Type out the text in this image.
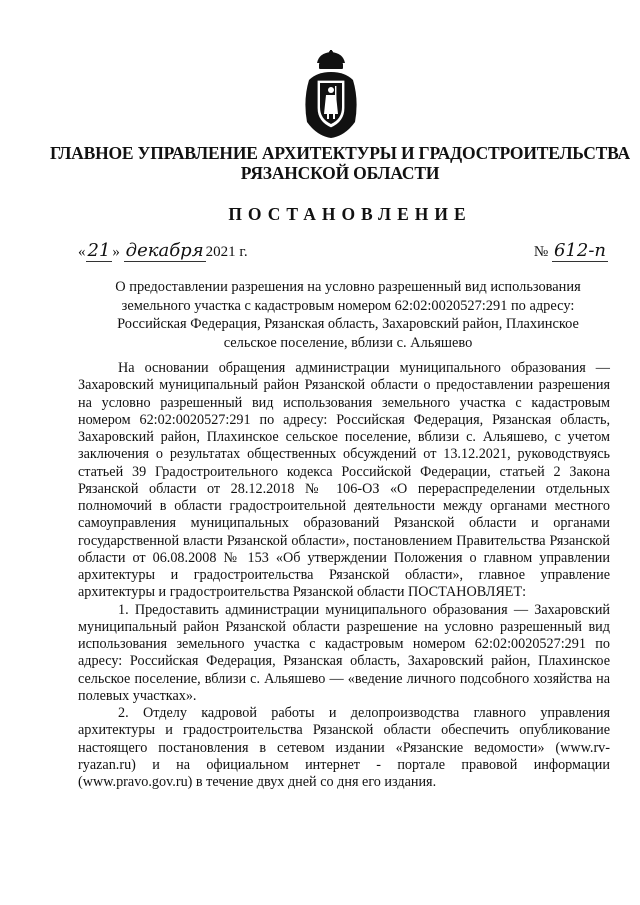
ГЛАВНОЕ УПРАВЛЕНИЕ АРХИТЕКТУРЫ И ГРАДОСТРОИТЕЛЬСТВА
РЯЗАНСКОЙ ОБЛАСТИ
ПОСТАНОВЛЕНИЕ
« 21 » декабря 2021 г.	№ 612-п
О предоставлении разрешения на условно разрешенный вид использования
земельного участка с кадастровым номером 62:02:0020527:291 по адресу:
Российская Федерация, Рязанская область, Захаровский район, Плахинское
сельское поселение, вблизи с. Альяшево

На основании обращения администрации муниципального образования — Захаровский муниципальный район Рязанской области о предоставлении разрешения на условно разрешенный вид использования земельного участка с кадастровым номером 62:02:0020527:291 по адресу: Российская Федерация, Рязанская область, Захаровский район, Плахинское сельское поселение, вблизи с. Альяшево, с учетом заключения о результатах общественных обсуждений от 13.12.2021, руководствуясь статьей 39 Градостроительного кодекса Российской Федерации, статьей 2 Закона Рязанской области от 28.12.2018 № 106-ОЗ «О перераспределении отдельных полномочий в области градостроительной деятельности между органами местного самоуправления муниципальных образований Рязанской области и органами государственной власти Рязанской области», постановлением Правительства Рязанской области от 06.08.2008 № 153 «Об утверждении Положения о главном управлении архитектуры и градостроительства Рязанской области», главное управление архитектуры и градостроительства Рязанской области ПОСТАНОВЛЯЕТ:

1. Предоставить администрации муниципального образования — Захаровский муниципальный район Рязанской области разрешение на условно разрешенный вид использования земельного участка с кадастровым номером 62:02:0020527:291 по адресу: Российская Федерация, Рязанская область, Захаровский район, Плахинское сельское поселение, вблизи с. Альяшево — «ведение личного подсобного хозяйства на полевых участках».

2. Отделу кадровой работы и делопроизводства главного управления архитектуры и градостроительства Рязанской области обеспечить опубликование настоящего постановления в сетевом издании «Рязанские ведомости» (www.rv-ryazan.ru) и на официальном интернет - портале правовой информации (www.pravo.gov.ru) в течение двух дней со дня его издания.
